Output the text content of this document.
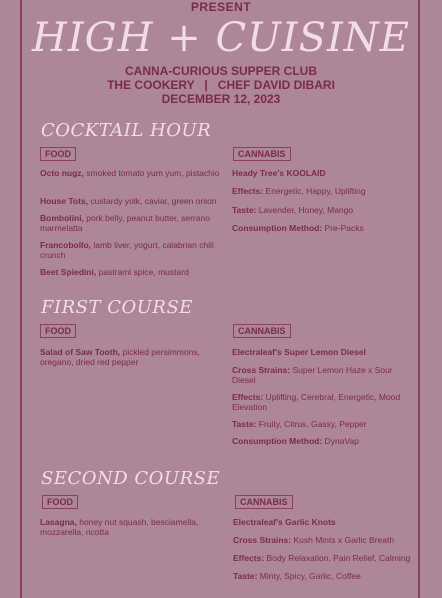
PRESENT
HIGH + CUISINE
CANNA-CURIOUS SUPPER CLUB
THE COOKERY   |   CHEF DAVID DIBARI
DECEMBER 12, 2023
COCKTAIL HOUR
FOOD	CANNABIS
Octo nugz, smoked tomato yum yum, pistachio
House Tots, custardy yolk, caviar, green onion
Bombolini, pork belly, peanut butter, serrano marmelatta
Francobollo, lamb liver, yogurt, calabrian chili crunch
Beet Spiedini, pastrami spice, mustard
Heady Tree's KOOLAID
Effects: Energetic, Happy, Uplifting
Taste: Lavender, Honey, Mango
Consumption Method: Pre-Packs
FIRST COURSE
FOOD	CANNABIS
Salad of Saw Tooth, pickled persimmons, oregano, dried red pepper
Electraleaf's Super Lemon Diesel
Cross Strains: Super Lemon Haze x Sour Diesel
Effects: Uplifting, Cerebral, Energetic, Mood Elevation
Taste: Fruity, Citrus, Gassy, Pepper
Consumption Method: DynaVap
SECOND COURSE
FOOD	CANNABIS
Lasagna, honey nut squash, besciamella, mozzarella, ricotta
Electraleaf's Garlic Knots
Cross Strains: Kush Mints x Garlic Breath
Effects: Body Relaxation, Pain Relief, Calming
Taste: Minty, Spicy, Garlic, Coffee
